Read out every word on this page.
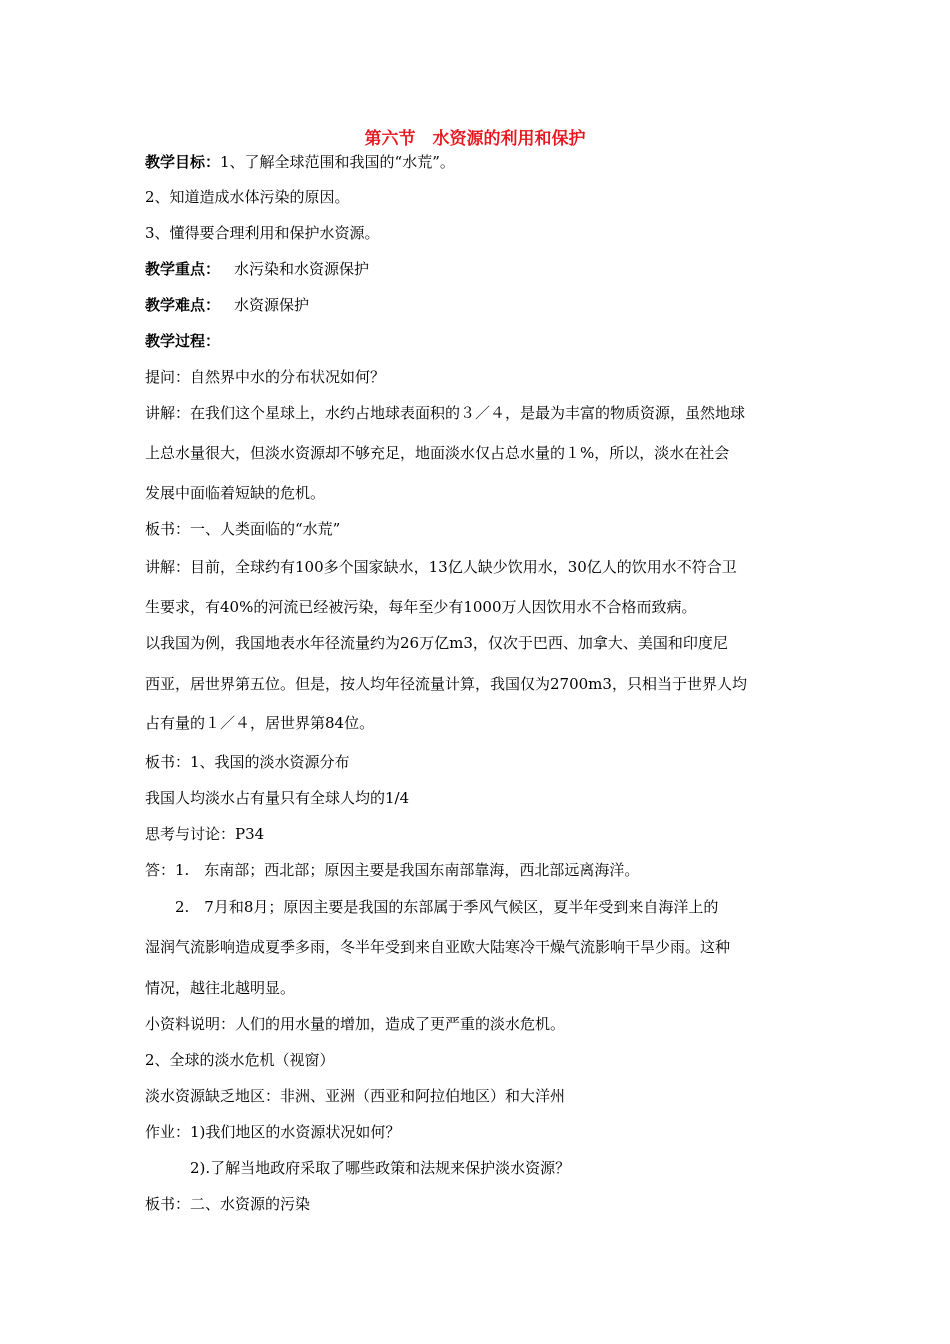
第六节　水资源的利用和保护
教学目标：1、了解全球范围和我国的“水荒”。
2、知道造成水体污染的原因。
3、懂得要合理利用和保护水资源。
教学重点： 水污染和水资源保护
教学难点： 水资源保护
教学过程：
提问：自然界中水的分布状况如何？
讲解：在我们这个星球上，水约占地球表面积的３／４，是最为丰富的物质资源，虽然地球
上总水量很大，但淡水资源却不够充足，地面淡水仅占总水量的１%，所以，淡水在社会
发展中面临着短缺的危机。
板书：一、人类面临的“水荒”
讲解：目前，全球约有100多个国家缺水，13亿人缺少饮用水，30亿人的饮用水不符合卫
生要求，有40%的河流已经被污染，每年至少有1000万人因饮用水不合格而致病。
以我国为例，我国地表水年径流量约为26万亿m3，仅次于巴西、加拿大、美国和印度尼
西亚，居世界第五位。但是，按人均年径流量计算，我国仅为2700m3，只相当于世界人均
占有量的１／４，居世界第84位。
板书：1、我国的淡水资源分布
我国人均淡水占有量只有全球人均的1/4
思考与讨论：P34
答：1.　东南部；西北部；原因主要是我国东南部靠海，西北部远离海洋。
　　2.　7月和8月；原因主要是我国的东部属于季风气候区，夏半年受到来自海洋上的
湿润气流影响造成夏季多雨，冬半年受到来自亚欧大陆寒冷干燥气流影响干旱少雨。这种
情况，越往北越明显。
小资料说明：人们的用水量的增加，造成了更严重的淡水危机。
2、全球的淡水危机（视窗）
淡水资源缺乏地区：非洲、亚洲（西亚和阿拉伯地区）和大洋州
作业：1)我们地区的水资源状况如何？
　　　2).了解当地政府采取了哪些政策和法规来保护淡水资源？
板书：二、水资源的污染
